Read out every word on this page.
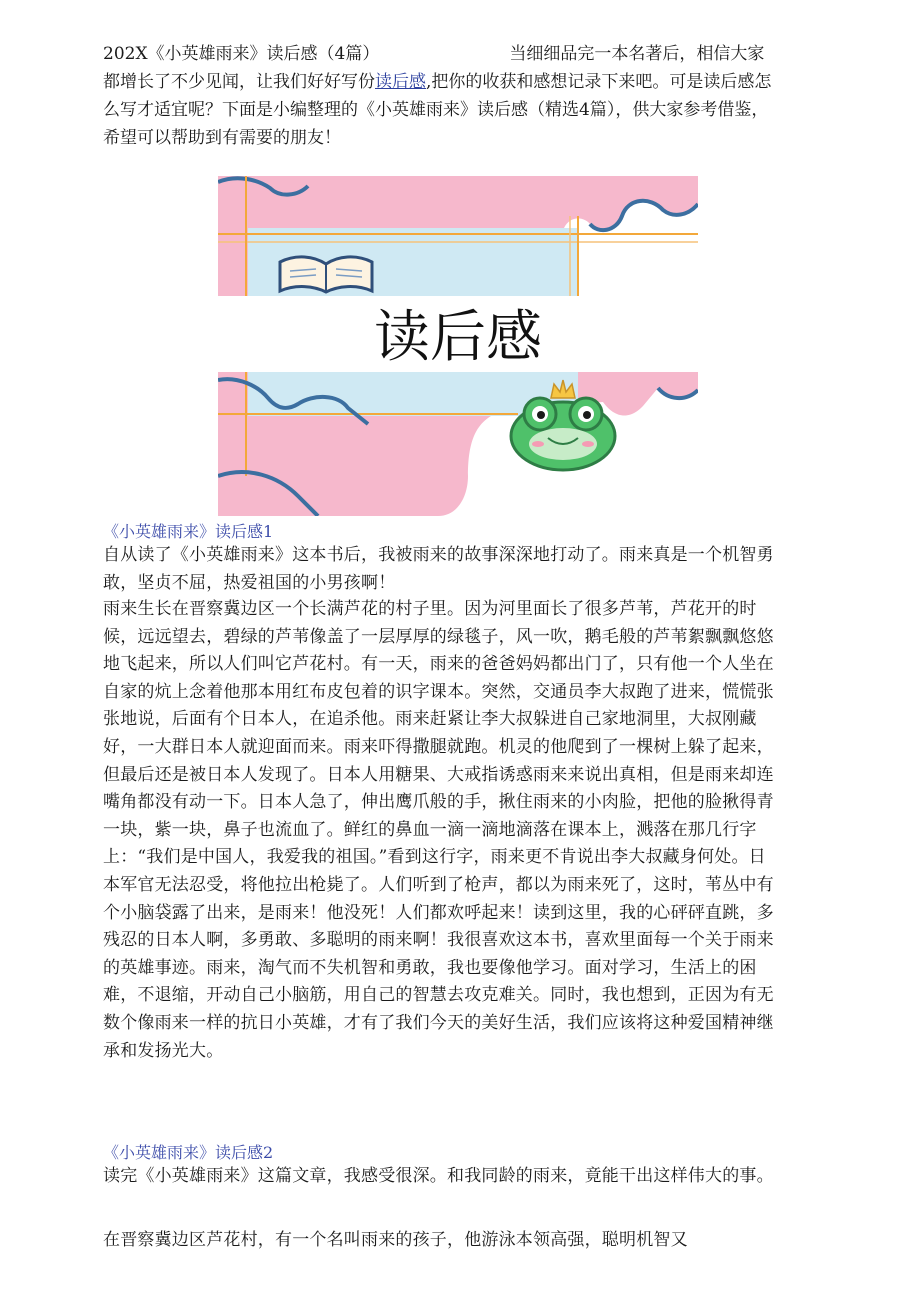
202X《小英雄雨来》读后感（4篇）	当细细品完一本名著后，相信大家都增长了不少见闻，让我们好好写份读后感,把你的收获和感想记录下来吧。可是读后感怎么写才适宜呢？下面是小编整理的《小英雄雨来》读后感（精选4篇），供大家参考借鉴，希望可以帮助到有需要的朋友！

读后感

《小英雄雨来》读后感1

自从读了《小英雄雨来》这本书后，我被雨来的故事深深地打动了。雨来真是一个机智勇敢，坚贞不屈，热爱祖国的小男孩啊！

雨来生长在晋察冀边区一个长满芦花的村子里。因为河里面长了很多芦苇，芦花开的时候，远远望去，碧绿的芦苇像盖了一层厚厚的绿毯子，风一吹，鹅毛般的芦苇絮飘飘悠悠地飞起来，所以人们叫它芦花村。有一天，雨来的爸爸妈妈都出门了，只有他一个人坐在自家的炕上念着他那本用红布皮包着的识字课本。突然，交通员李大叔跑了进来，慌慌张张地说，后面有个日本人，在追杀他。雨来赶紧让李大叔躲进自己家地洞里，大叔刚藏好，一大群日本人就迎面而来。雨来吓得撒腿就跑。机灵的他爬到了一棵树上躲了起来，但最后还是被日本人发现了。日本人用糖果、大戒指诱惑雨来来说出真相，但是雨来却连嘴角都没有动一下。日本人急了，伸出鹰爪般的手，揪住雨来的小肉脸，把他的脸揪得青一块，紫一块，鼻子也流血了。鲜红的鼻血一滴一滴地滴落在课本上，溅落在那几行字上：“我们是中国人，我爱我的祖国。”看到这行字，雨来更不肯说出李大叔藏身何处。日本军官无法忍受，将他拉出枪毙了。人们听到了枪声，都以为雨来死了，这时，苇丛中有个小脑袋露了出来，是雨来！他没死！人们都欢呼起来！读到这里，我的心砰砰直跳，多残忍的日本人啊，多勇敢、多聪明的雨来啊！我很喜欢这本书，喜欢里面每一个关于雨来的英雄事迹。雨来，淘气而不失机智和勇敢，我也要像他学习。面对学习，生活上的困难，不退缩，开动自己小脑筋，用自己的智慧去攻克难关。同时，我也想到，正因为有无数个像雨来一样的抗日小英雄，才有了我们今天的美好生活，我们应该将这种爱国精神继承和发扬光大。

《小英雄雨来》读后感2

读完《小英雄雨来》这篇文章，我感受很深。和我同龄的雨来，竟能干出这样伟大的事。

在晋察冀边区芦花村，有一个名叫雨来的孩子，他游泳本领高强，聪明机智又
